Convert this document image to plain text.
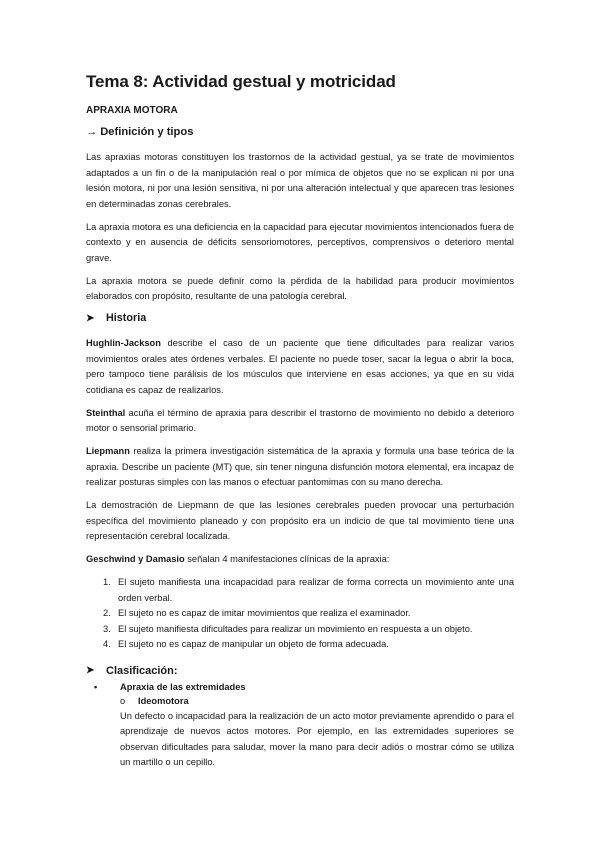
Tema 8: Actividad gestual y motricidad
APRAXIA MOTORA
→ Definición y tipos

Las apraxias motoras constituyen los trastornos de la actividad gestual, ya se trate de movimientos adaptados a un fin o de la manipulación real o por mímica de objetos que no se explican ni por una lesión motora, ni por una lesión sensitiva, ni por una alteración intelectual y que aparecen tras lesiones en determinadas zonas cerebrales.

La apraxia motora es una deficiencia en la capacidad para ejecutar movimientos intencionados fuera de contexto y en ausencia de déficits sensoriomotores, perceptivos, comprensivos o deterioro mental grave.

La apraxia motora se puede definir como la pérdida de la habilidad para producir movimientos elaborados con propósito, resultante de una patología cerebral.

➤	Historia

Hughlin-Jackson describe el caso de un paciente que tiene dificultades para realizar varios movimientos orales ates órdenes verbales. El paciente no puede toser, sacar la legua o abrir la boca, pero tampoco tiene parálisis de los músculos que interviene en esas acciones, ya que en su vida cotidiana es capaz de realizarlos.

Steinthal acuña el término de apraxia para describir el trastorno de movimiento no debido a deterioro motor o sensorial primario.

Liepmann realiza la primera investigación sistemática de la apraxia y formula una base teórica de la apraxia. Describe un paciente (MT) que, sin tener ninguna disfunción motora elemental, era incapaz de realizar posturas simples con las manos o efectuar pantomimas con su mano derecha.

La demostración de Liepmann de que las lesiones cerebrales pueden provocar una perturbación específica del movimiento planeado y con propósito era un indicio de que tal movimiento tiene una representación cerebral localizada.

Geschwind y Damasio señalan 4 manifestaciones clínicas de la apraxia:

1. El sujeto manifiesta una incapacidad para realizar de forma correcta un movimiento ante una orden verbal.
2. El sujeto no es capaz de imitar movimientos que realiza el examinador.
3. El sujeto manifiesta dificultades para realizar un movimiento en respuesta a un objeto.
4. El sujeto no es capaz de manipular un objeto de forma adecuada.
➤	Clasificación:
•	Apraxia de las extremidades
o	Ideomotora

Un defecto o incapacidad para la realización de un acto motor previamente aprendido o para el aprendizaje de nuevos actos motores. Por ejemplo, en las extremidades superiores se observan dificultades para saludar, mover la mano para decir adiós o mostrar cómo se utiliza un martillo o un cepillo.
